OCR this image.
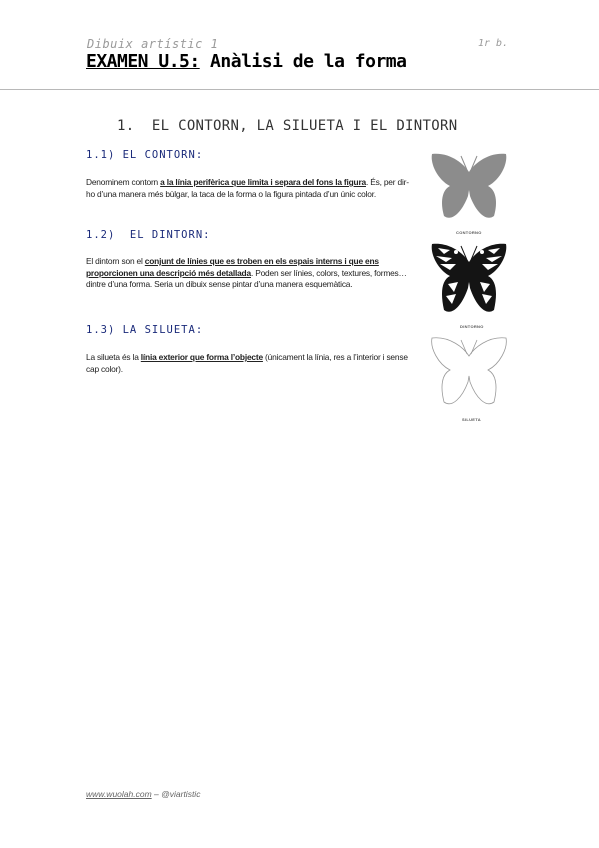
Dibuix artístic 1	1r b.
EXAMEN U.5: Anàlisi de la forma
1.  EL CONTORN, LA SILUETA I EL DINTORN
1.1) EL CONTORN:
Denominem contorn a la línia perifèrica que limita i separa del fons la figura. És, per dir-ho d’una manera més bùlgar, la taca de la forma o la figura pintada d’un únic color.
1.2)  EL DINTORN:
El dintorn son el conjunt de línies que es troben en els espais interns i que ens proporcionen una descripció més detallada. Poden ser línies, colors, textures, formes… dintre d’una forma. Seria un dibuix sense pintar d’una manera esquemàtica.
1.3) LA SILUETA:
La silueta és la línia exterior que forma l’objecte (únicament la línia, res a l’interior i sense cap color).
CONTORNO
DINTORNO
SILUETA
www.wuolah.com – @viartistic
